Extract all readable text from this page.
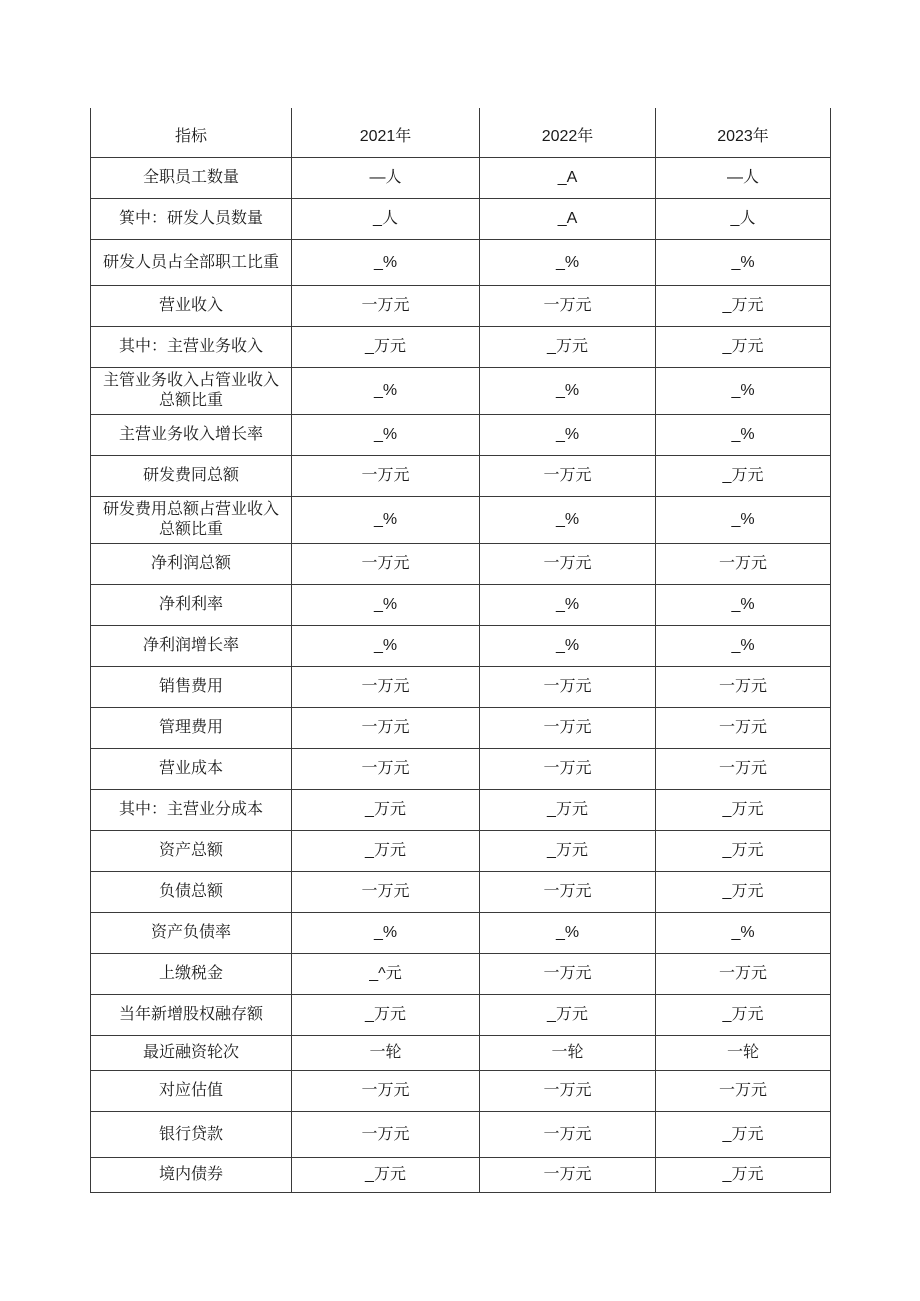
指标	2021年	2022年	2023年
全职员工数量	—人	_A	—人
箕中：研发人员数量	_人	_A	_人
研发人员占全部职工比重	_%	_%	_%
营业收入	一万元	一万元	_万元
其中：主营业务收入	_万元	_万元	_万元
主管业务收入占管业收入
总额比重	_%	_%	_%
主营业务收入增长率	_%	_%	_%
研发费同总额	一万元	一万元	_万元
研发费用总额占营业收入
总额比重	_%	_%	_%
净利润总额	一万元	一万元	一万元
净利利率	_%	_%	_%
净利润增长率	_%	_%	_%
销售费用	一万元	一万元	一万元
管理费用	一万元	一万元	一万元
营业成本	一万元	一万元	一万元
其中：主营业分成本	_万元	_万元	_万元
资产总额	_万元	_万元	_万元
负债总额	一万元	一万元	_万元
资产负债率	_%	_%	_%
上缴税金	_^元	一万元	一万元
当年新增股权融存额	_万元	_万元	_万元
最近融资轮次	一轮	一轮	一轮
对应估值	一万元	一万元	一万元
银行贷款	一万元	一万元	_万元
境内债券	_万元	一万元	_万元
